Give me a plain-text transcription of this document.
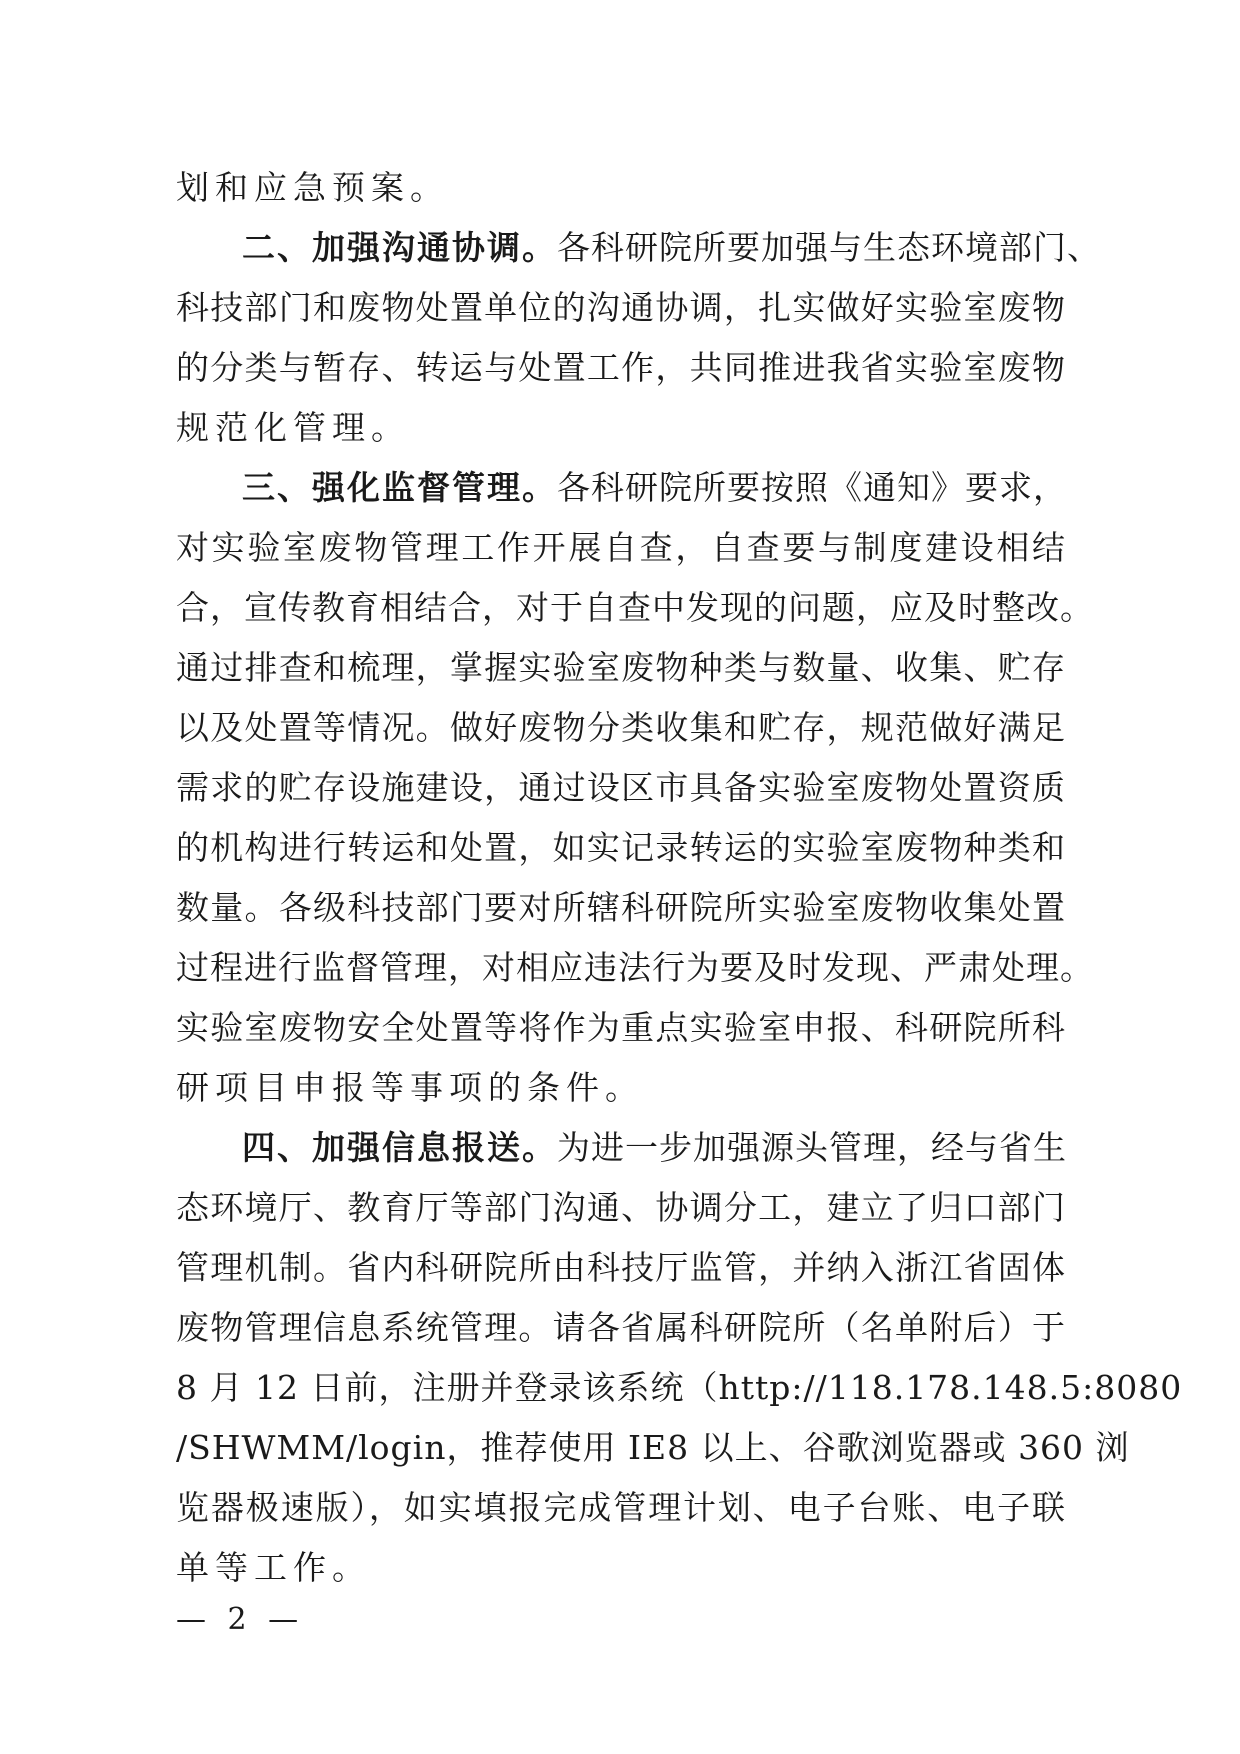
划和应急预案。
二、加强沟通协调。各科研院所要加强与生态环境部门、
科技部门和废物处置单位的沟通协调，扎实做好实验室废物
的分类与暂存、转运与处置工作，共同推进我省实验室废物
规范化管理。
三、强化监督管理。各科研院所要按照《通知》要求，
对实验室废物管理工作开展自查，自查要与制度建设相结
合，宣传教育相结合，对于自查中发现的问题，应及时整改。
通过排查和梳理，掌握实验室废物种类与数量、收集、贮存
以及处置等情况。做好废物分类收集和贮存，规范做好满足
需求的贮存设施建设，通过设区市具备实验室废物处置资质
的机构进行转运和处置，如实记录转运的实验室废物种类和
数量。各级科技部门要对所辖科研院所实验室废物收集处置
过程进行监督管理，对相应违法行为要及时发现、严肃处理。
实验室废物安全处置等将作为重点实验室申报、科研院所科
研项目申报等事项的条件。
四、加强信息报送。为进一步加强源头管理，经与省生
态环境厅、教育厅等部门沟通、协调分工，建立了归口部门
管理机制。省内科研院所由科技厅监管，并纳入浙江省固体
废物管理信息系统管理。请各省属科研院所（名单附后）于
8 月 12 日前，注册并登录该系统（http://118.178.148.5:8080
/SHWMM/login，推荐使用 IE8 以上、谷歌浏览器或 360 浏
览器极速版），如实填报完成管理计划、电子台账、电子联
单等工作。
— 2 —
